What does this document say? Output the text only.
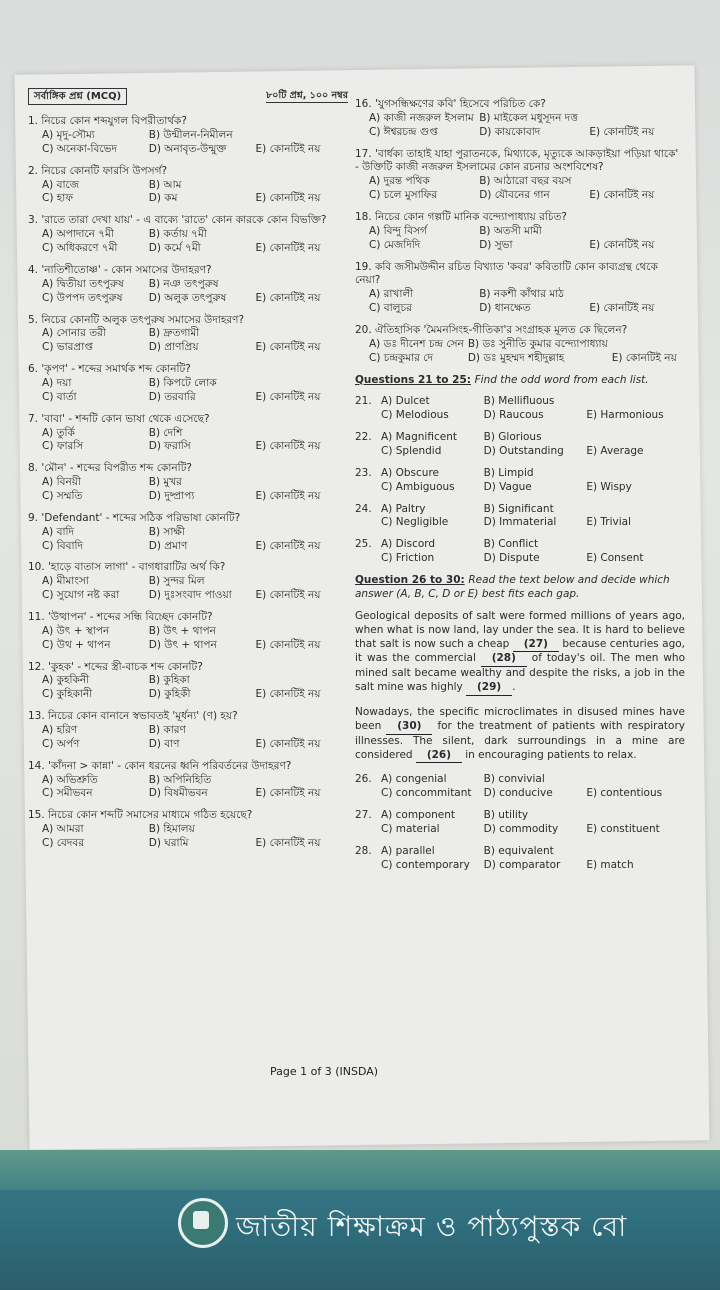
সর্বাঙ্গিক প্রশ্ন (MCQ)	৮০টি প্রশ্ন, ১০০ নম্বর
1. নিচের কোন শব্দযুগল বিপরীতার্থক?
A) মৃদু-সৌম্য	B) উন্মীলন-নিমীলন
C) অনেকা-বিভেদ	D) অনাবৃত-উন্মুক্ত	E) কোনটিই নয়
2. নিচের কোনটি ফারসি উপসর্গ?
A) বাজে	B) আম
C) হাফ	D) কম	E) কোনটিই নয়
3. 'রাতে তারা দেখা যায়' - এ বাক্যে 'রাতে' কোন কারকে কোন বিভক্তি?
A) অপাদানে ৭মী	B) কর্তায় ৭মী
C) অধিকরণে ৭মী	D) কর্মে ৭মী	E) কোনটিই নয়
4. 'নাতিশীতোষ্ণ' - কোন সমাসের উদাহরণ?
A) দ্বিতীয়া তৎপুরুষ	B) নঞ তৎপুরুষ
C) উপপদ তৎপুরুষ	D) অলুক তৎপুরুষ	E) কোনটিই নয়
5. নিচের কোনটি অলুক তৎপুরুষ সমাসের উদাহরণ?
A) সোনার তরী	B) দ্রুতগামী
C) ভারপ্রাপ্ত	D) প্রাণপ্রিয়	E) কোনটিই নয়
6. 'কৃপণ' - শব্দের সমার্থক শব্দ কোনটি?
A) দয়া	B) কিপটে লোক
C) বার্তা	D) তরবারি	E) কোনটিই নয়
7. 'বাবা' - শব্দটি কোন ভাষা থেকে এসেছে?
A) তুর্কি	B) দেশি
C) ফারসি	D) ফরাসি	E) কোনটিই নয়
8. 'মৌন' - শব্দের বিপরীত শব্দ কোনটি?
A) বিনয়ী	B) মুখর
C) সম্মতি	D) দুষ্প্রাপ্য	E) কোনটিই নয়
9. 'Defendant' - শব্দের সঠিক পরিভাষা কোনটি?
A) বাদি	B) সাক্ষী
C) বিবাদি	D) প্রমাণ	E) কোনটিই নয়
10. 'হাড়ে বাতাস লাগা' - বাগধারাটির অর্থ কি?
A) মীমাংসা	B) সুন্দর মিল
C) সুযোগ নষ্ট করা	D) দুঃসংবাদ পাওয়া	E) কোনটিই নয়
11. 'উত্থাপন' - শব্দের সন্ধি বিচ্ছেদ কোনটি?
A) উৎ + স্থাপন	B) উৎ + থাপন
C) উথ + থাপন	D) উৎ + থাপন	E) কোনটিই নয়
12. 'কুহক' - শব্দের স্ত্রী-বাচক শব্দ কোনটি?
A) কুহকিনী	B) কুহিকা
C) কুহিকানী	D) কুহিকী	E) কোনটিই নয়
13. নিচের কোন বানানে স্বভাবতই 'মূর্ধন্য' (ণ) হয়?
A) হরিণ	B) কারণ
C) অর্পণ	D) বাণ	E) কোনটিই নয়
14. 'কাঁদনা > কান্না' - কোন ধরনের ধ্বনি পরিবর্তনের উদাহরণ?
A) অভিশ্রুতি	B) অপিনিহিতি
C) সমীভবন	D) বিষমীভবন	E) কোনটিই নয়
15. নিচের কোন শব্দটি সমাসের মাধ্যমে গঠিত হয়েছে?
A) আমরা	B) হিমালয়
C) বেদবর	D) ঘরামি	E) কোনটিই নয়
16. 'যুগসন্ধিক্ষণের কবি' হিসেবে পরিচিত কে?
A) কাজী নজরুল ইসলাম B) মাইকেল মধুসূদন দত্ত
C) ঈশ্বরচন্দ্র গুপ্ত	D) কায়কোবাদ	E) কোনটিই নয়
17. 'বার্ধক্য তাহাই যাহা পুরাতনকে, মিথ্যাকে, মৃত্যুকে আকড়াইয়া পড়িয়া থাকে' - উক্তিটি কাজী নজরুল ইসলামের কোন রচনার অংশবিশেষ?
A) দুরন্ত পথিক	B) আঠারো বছর বয়স
C) চলে মুসাফির	D) যৌবনের গান	E) কোনটিই নয়
18. নিচের কোন গল্পটি মানিক বন্দ্যোপাধ্যায় রচিত?
A) বিন্দু বিসর্গ	B) অতসী মামী
C) মেজদিদি	D) সুভা	E) কোনটিই নয়
19. কবি জসীমউদ্দীন রচিত বিখ্যাত 'কবর' কবিতাটি কোন কাব্যগ্রন্থ থেকে নেয়া?
A) রাখালী	B) নকশী কাঁথার মাঠ
C) বালুচর	D) ধানক্ষেত	E) কোনটিই নয়
20. ঐতিহাসিক 'মৈমনসিংহ-গীতিকা'র সংগ্রাহক মূলত কে ছিলেন?
A) ডঃ দীনেশ চন্দ্র সেন B) ডঃ সুনীতি কুমার বন্দ্যোপাধ্যায়
C) চন্দ্রকুমার দে	D) ডঃ মুহম্মদ শহীদুল্লাহ	E) কোনটিই নয়
Questions 21 to 25: Find the odd word from each list.
21. A) Dulcet	B) Mellifluous
C) Melodious	D) Raucous	E) Harmonious
22. A) Magnificent	B) Glorious
C) Splendid	D) Outstanding	E) Average
23. A) Obscure	B) Limpid
C) Ambiguous	D) Vague	E) Wispy
24. A) Paltry	B) Significant
C) Negligible	D) Immaterial	E) Trivial
25. A) Discord	B) Conflict
C) Friction	D) Dispute	E) Consent
Question 26 to 30: Read the text below and decide which answer (A, B, C, D or E) best fits each gap.
Geological deposits of salt were formed millions of years ago, when what is now land, lay under the sea. It is hard to believe that salt is now such a cheap (27) because centuries ago, it was the commercial (28) of today's oil. The men who mined salt became wealthy and despite the risks, a job in the salt mine was highly (29) .
Nowadays, the specific microclimates in disused mines have been (30) for the treatment of patients with respiratory illnesses. The silent, dark surroundings in a mine are considered (26) in encouraging patients to relax.
26. A) congenial	B) convivial
C) concommitant	D) conducive	E) contentious
27. A) component	B) utility
C) material	D) commodity	E) constituent
28. A) parallel	B) equivalent
C) contemporary	D) comparator	E) match
Page 1 of 3 (INSDA)
জাতীয় শিক্ষাক্রম ও পাঠ্যপুস্তক বো
